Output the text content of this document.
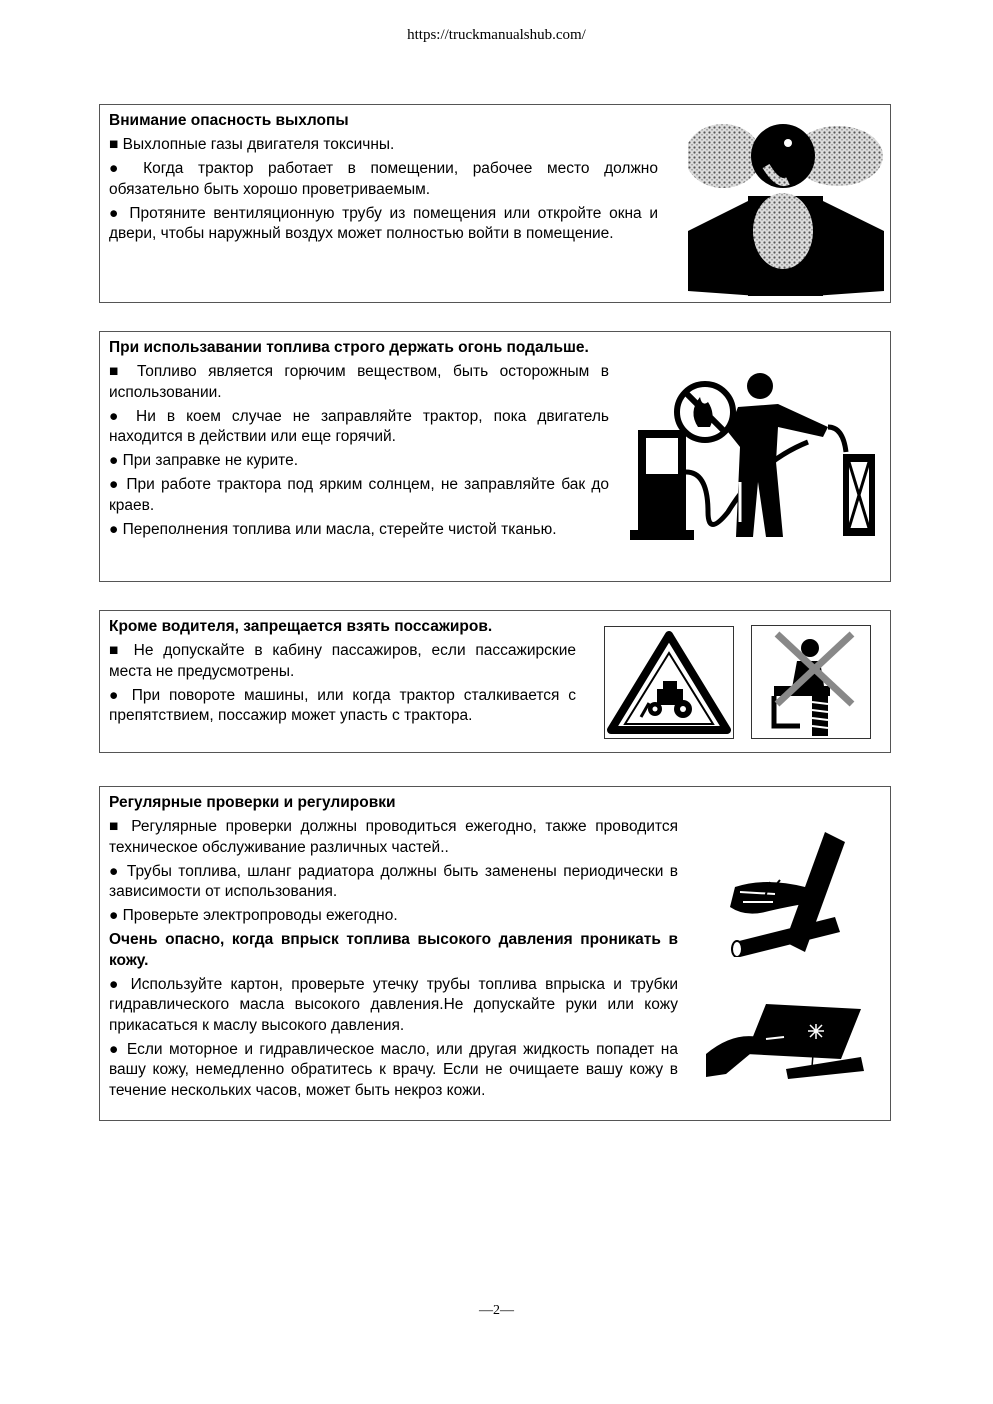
https://truckmanualshub.com/

Внимание опасность выхлопы

■ Выхлопные газы двигателя токсичны.

● Когда трактор работает в помещении, рабочее место должно обязательно быть хорошо проветриваемым.

● Протяните вентиляционную трубу из помещения или откройте окна и двери, чтобы наружный воздух может полностью войти в помещение.

При использавании топлива строго держать огонь подальше.

■ Топливо является горючим веществом, быть осторожным в использовании.

● Ни в коем случае не заправляйте трактор, пока двигатель находится в действии или еще горячий.

● При заправке не курите.

● При работе трактора под ярким солнцем, не заправляйте бак до краев.

● Переполнения топлива или масла, стерейте чистой тканью.

Кроме водителя, запрещается взять поссажиров.

■ Не допускайте в кабину пассажиров, если пассажирские места не предусмотрены.

● При повороте машины, или когда трактор сталкивается с препятствием, поссажир может упасть с трактора.

Регулярные проверки и регулировки

■ Регулярные проверки должны проводиться ежегодно, также проводится техническое обслуживание различных частей..

● Трубы топлива, шланг радиатора должны быть заменены периодически в зависимости от использования.

● Проверьте электропроводы ежегодно.

Очень опасно, когда впрыск топлива высокого давления проникать в кожу.

● Используйте картон, проверьте утечку трубы топлива впрыска и трубки гидравлического масла высокого давления.Не допускайте руки или кожу прикасаться к маслу высокого давления.

● Если моторное и гидравлическое масло, или другая жидкость попадет на вашу кожу, немедленно обратитесь к врачу. Если не очищаете вашу кожу в течение нескольких часов, может быть некроз кожи.

—2—
